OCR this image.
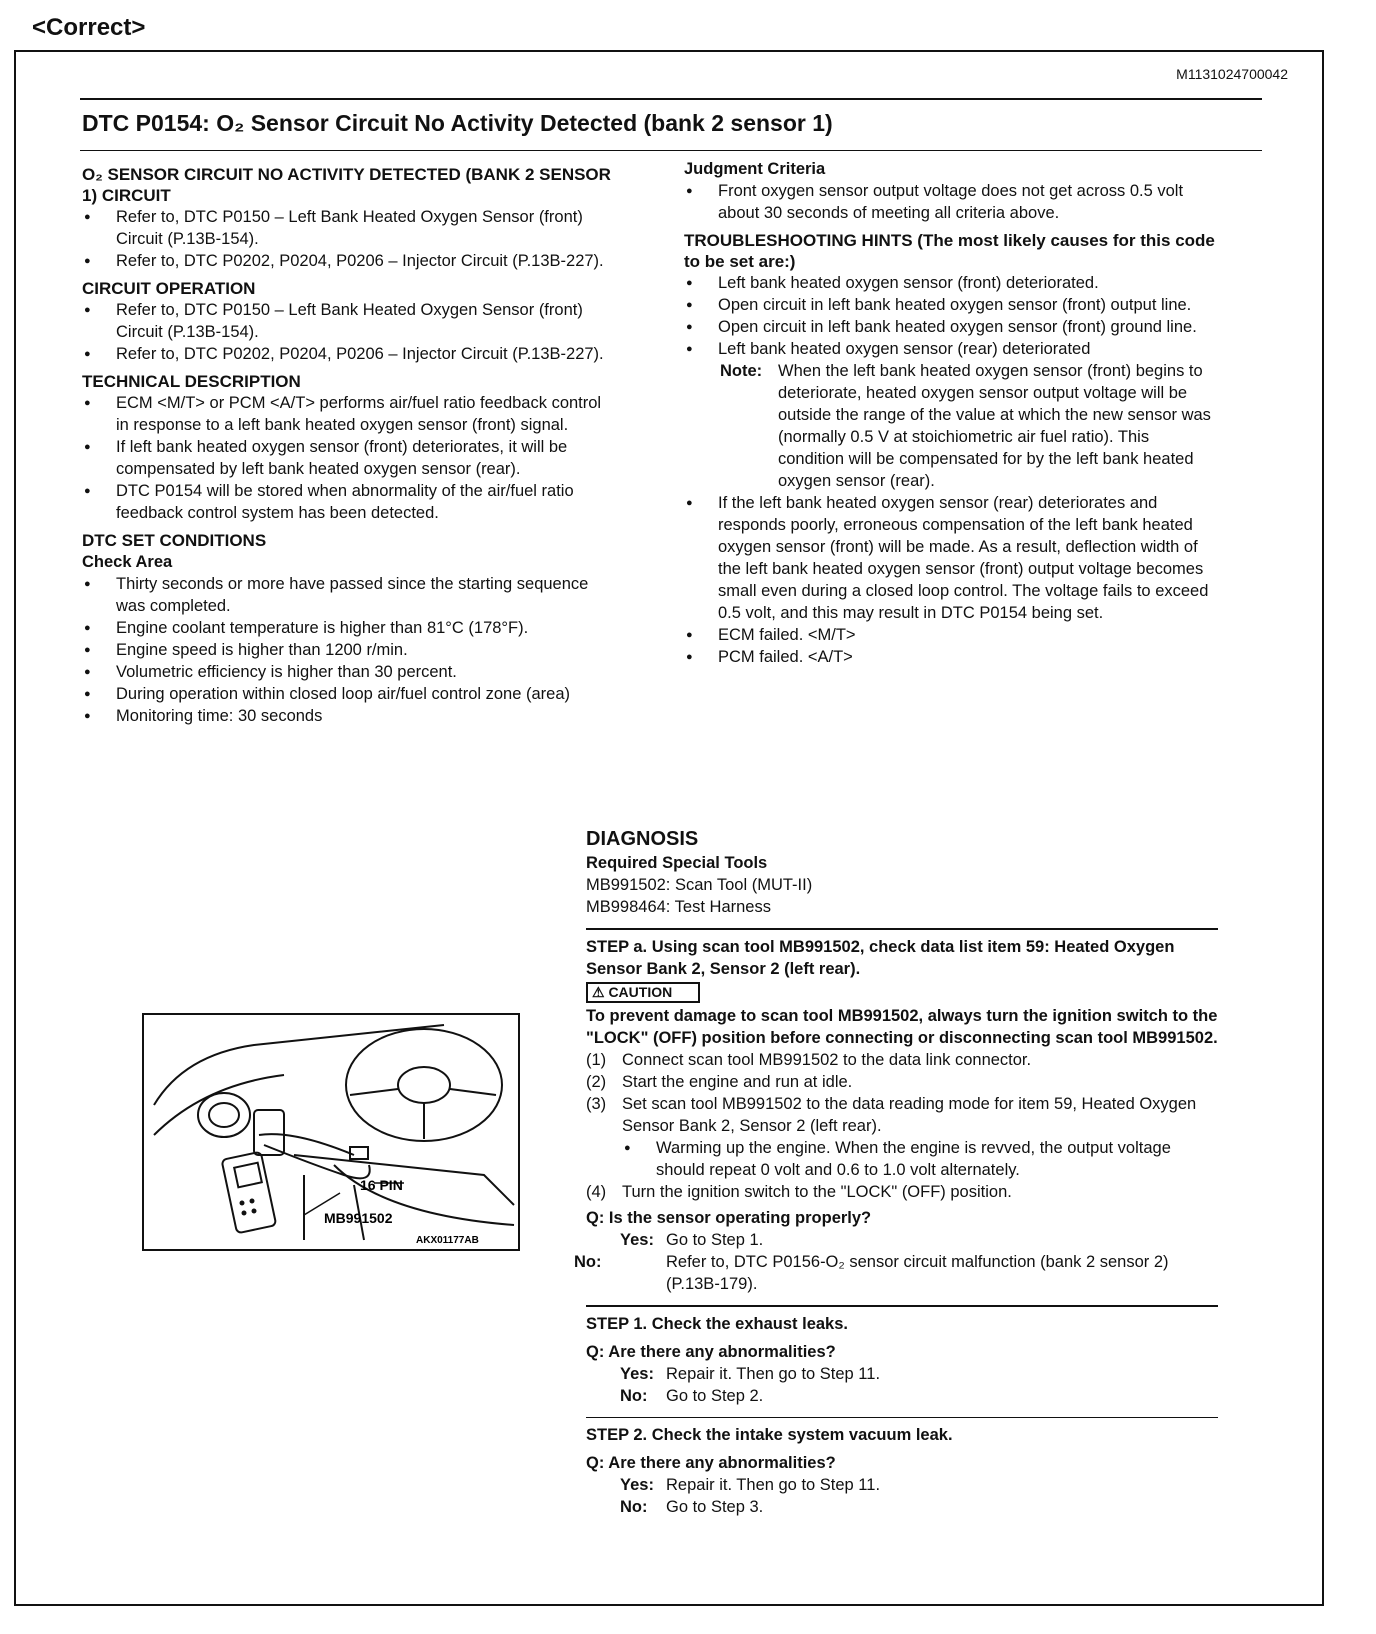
<Correct>
M1131024700042
DTC P0154: O₂ Sensor Circuit No Activity Detected (bank 2 sensor 1)
O₂ SENSOR CIRCUIT NO ACTIVITY DETECTED (BANK 2 SENSOR 1) CIRCUIT
● Refer to, DTC P0150 – Left Bank Heated Oxygen Sensor (front) Circuit (P.13B-154).
● Refer to, DTC P0202, P0204, P0206 – Injector Circuit (P.13B-227).
CIRCUIT OPERATION
● Refer to, DTC P0150 – Left Bank Heated Oxygen Sensor (front) Circuit (P.13B-154).
● Refer to, DTC P0202, P0204, P0206 – Injector Circuit (P.13B-227).
TECHNICAL DESCRIPTION
● ECM <M/T> or PCM <A/T> performs air/fuel ratio feedback control in response to a left bank heated oxygen sensor (front) signal.
● If left bank heated oxygen sensor (front) deteriorates, it will be compensated by left bank heated oxygen sensor (rear).
● DTC P0154 will be stored when abnormality of the air/fuel ratio feedback control system has been detected.
DTC SET CONDITIONS
Check Area
● Thirty seconds or more have passed since the starting sequence was completed.
● Engine coolant temperature is higher than 81°C (178°F).
● Engine speed is higher than 1200 r/min.
● Volumetric efficiency is higher than 30 percent.
● During operation within closed loop air/fuel control zone (area)
● Monitoring time: 30 seconds
Judgment Criteria
● Front oxygen sensor output voltage does not get across 0.5 volt about 30 seconds of meeting all criteria above.
TROUBLESHOOTING HINTS (The most likely causes for this code to be set are:)
● Left bank heated oxygen sensor (front) deteriorated.
● Open circuit in left bank heated oxygen sensor (front) output line.
● Open circuit in left bank heated oxygen sensor (front) ground line.
● Left bank heated oxygen sensor (rear) deteriorated
Note: When the left bank heated oxygen sensor (front) begins to deteriorate, heated oxygen sensor output voltage will be outside the range of the value at which the new sensor was (normally 0.5 V at stoichiometric air fuel ratio). This condition will be compensated for by the left bank heated oxygen sensor (rear).
● If the left bank heated oxygen sensor (rear) deteriorates and responds poorly, erroneous compensation of the left bank heated oxygen sensor (front) will be made. As a result, deflection width of the left bank heated oxygen sensor (front) output voltage becomes small even during a closed loop control. The voltage fails to exceed 0.5 volt, and this may result in DTC P0154 being set.
● ECM failed. <M/T>
● PCM failed. <A/T>
DIAGNOSIS
Required Special Tools
MB991502: Scan Tool (MUT-II)
MB998464: Test Harness
STEP a. Using scan tool MB991502, check data list item 59: Heated Oxygen Sensor Bank 2, Sensor 2 (left rear).
⚠ CAUTION
To prevent damage to scan tool MB991502, always turn the ignition switch to the "LOCK" (OFF) position before connecting or disconnecting scan tool MB991502.
(1) Connect scan tool MB991502 to the data link connector.
(2) Start the engine and run at idle.
(3) Set scan tool MB991502 to the data reading mode for item 59, Heated Oxygen Sensor Bank 2, Sensor 2 (left rear).
● Warming up the engine. When the engine is revved, the output voltage should repeat 0 volt and 0.6 to 1.0 volt alternately.
(4) Turn the ignition switch to the "LOCK" (OFF) position.
Q: Is the sensor operating properly?
Yes: Go to Step 1.
No:	Refer to, DTC P0156-O₂ sensor circuit malfunction (bank 2 sensor 2) (P.13B-179).
STEP 1. Check the exhaust leaks.
Q: Are there any abnormalities?
Yes: Repair it. Then go to Step 11.
No: Go to Step 2.
STEP 2. Check the intake system vacuum leak.
Q: Are there any abnormalities?
Yes: Repair it. Then go to Step 11.
No: Go to Step 3.
16 PIN
MB991502
AKX01177AB
